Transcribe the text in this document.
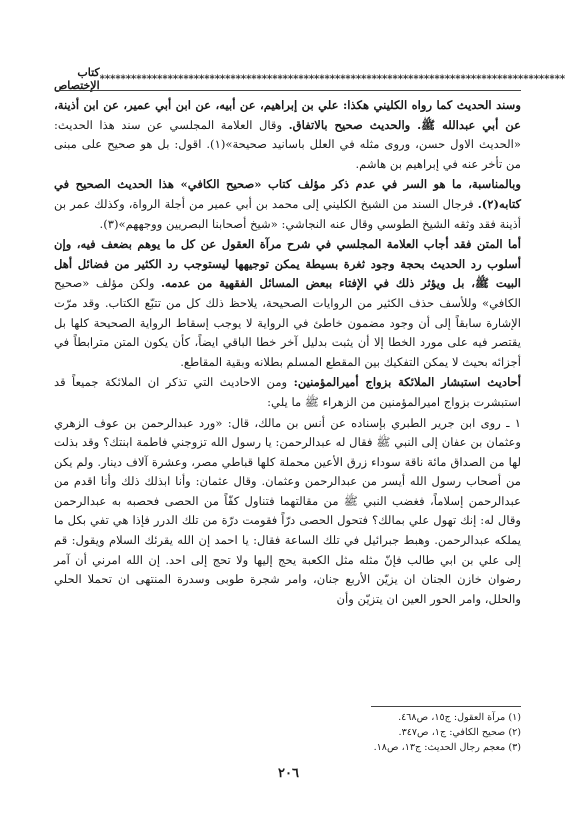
كتاب الإختصاص *****************************************************************************************

وسند الحديث كما رواه الكليني هكذا: علي بن إبراهيم، عن أبيه، عن ابن أبي عمير، عن ابن أذينة، عن أبي عبدالله ﷺ. والحديث صحيح بالاتفاق. وقال العلامة المجلسي عن سند هذا الحديث: «الحديث الاول حسن، وروى مثله في العلل باسانيد صحيحة»(١). اقول: بل هو صحيح على مبنى من تأخر عنه في إبراهيم بن هاشم.

وبالمناسبة، ما هو السر في عدم ذكر مؤلف كتاب «صحيح الكافي» هذا الحديث الصحيح في كتابه(٢). فرجال السند من الشيخ الكليني إلى محمد بن أبي عمير من أجلة الرواة، وكذلك عمر بن أذينة فقد وثقه الشيخ الطوسي وقال عنه النجاشي: «شيخ أصحابنا البصريين ووجههم»(٣).

أما المتن فقد أجاب العلامة المجلسي في شرح مرآة العقول عن كل ما يوهم بضعف فيه، وإن أسلوب رد الحديث بحجة وجود ثغرة بسيطة يمكن توجيهها ليستوجب رد الكثير من فضائل أهل البيت ﷺ، بل ويؤثر ذلك في الإفتاء ببعض المسائل الفقهية من عدمه. ولكن مؤلف «صحيح الكافي» وللأسف حذف الكثير من الروايات الصحيحة، يلاحظ ذلك كل من تتبّع الكتاب. وقد مرّت الإشارة سابقاً إلى أن وجود مضمون خاطئ في الرواية لا يوجب إسقاط الرواية الصحيحة كلها بل يقتصر فيه على مورد الخطا إلا أن يثبت بدليل آخر خطا الباقي ايضاً، كأن يكون المتن مترابطاً في أجزائه بحيث لا يمكن التفكيك بين المقطع المسلم بطلانه وبقية المقاطع.

أحاديث استبشار الملائكة بزواج أميرالمؤمنين: ومن الاحاديث التي تذكر ان الملائكة جميعاً قد استبشرت بزواج اميرالمؤمنين من الزهراء ﷺ ما يلي:

١ ـ روى ابن جرير الطبري بإسناده عن أنس بن مالك، قال: «ورد عبدالرحمن بن عوف الزهري وعثمان بن عفان إلى النبي ﷺ فقال له عبدالرحمن: يا رسول الله تزوجني فاطمة ابنتك؟ وقد بذلت لها من الصداق مائة ناقة سوداء زرق الأعين محملة كلها قباطي مصر، وعشرة آلاف دينار. ولم يكن من أصحاب رسول الله أيسر من عبدالرحمن وعثمان. وقال عثمان: وأنا ابذلك ذلك وأنا اقدم من عبدالرحمن إسلاماً، فغضب النبي ﷺ من مقالتهما فتناول كفّاً من الحصى فحصبه به عبدالرحمن وقال له: إنك تهول علي بمالك؟ فتحول الحصى درّاً فقومت درّة من تلك الدرر فإذا هي تفي بكل ما يملكه عبدالرحمن. وهبط جبرائيل في تلك الساعة فقال: يا احمد إن الله يقرئك السلام ويقول: قم إلى علي بن ابي طالب فإنّ مثله مثل الكعبة يحج إليها ولا تحج إلى احد. إن الله امرني أن آمر رضوان خازن الجنان ان يزيّن الأربع جنان، وامر شجرة طوبى وسدرة المنتهى ان تحملا الحلي والحلل، وامر الحور العين ان يتزيّن وأن

(١) مرآة العقول: ج١٥، ص٤٦٨.
(٢) صحيح الكافي: ج١، ص٣٤٧.
(٣) معجم رجال الحديث: ج١٣، ص١٨.
٢٠٦
